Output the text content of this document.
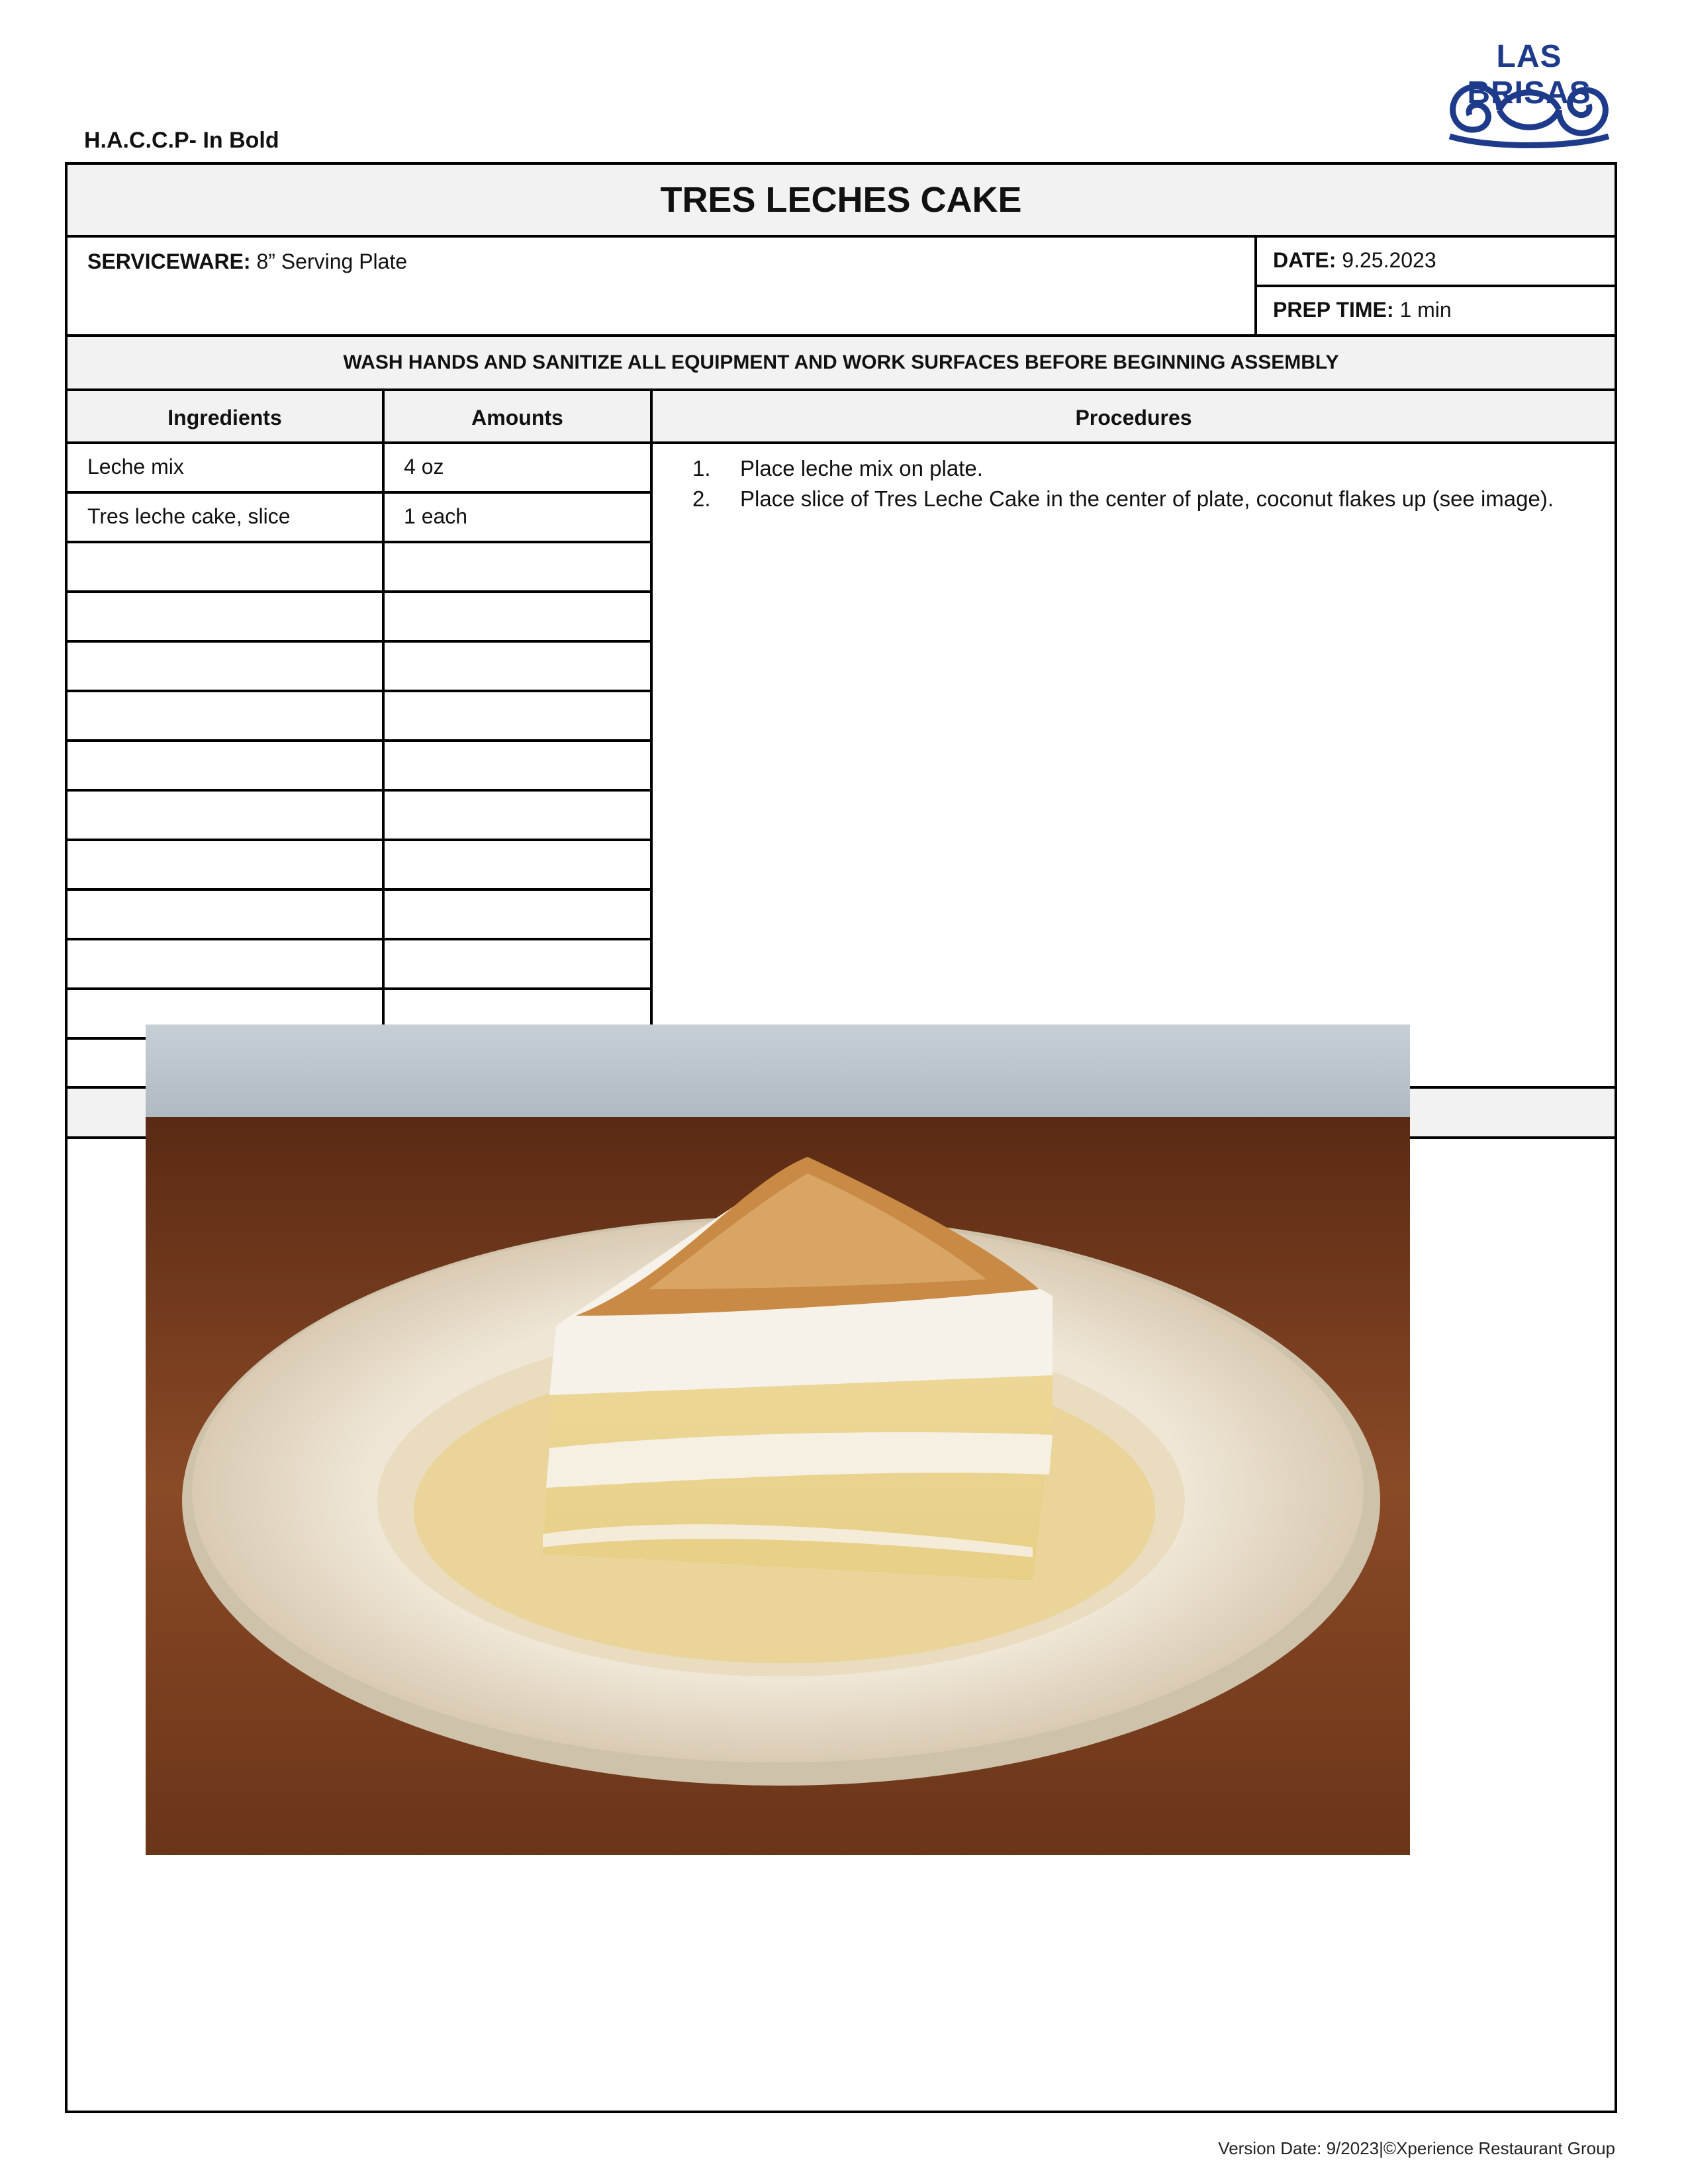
H.A.C.C.P- In Bold
LAS BRISAS
TRES LECHES CAKE
SERVICEWARE: 8” Serving Plate	DATE: 9.25.2023
PREP TIME: 1 min
WASH HANDS AND SANITIZE ALL EQUIPMENT AND WORK SURFACES BEFORE BEGINNING ASSEMBLY
Ingredients	Amounts	Procedures
Leche mix	4 oz
Tres leche cake, slice	1 each
1.	Place leche mix on plate.
2.	Place slice of Tres Leche Cake in the center of plate, coconut flakes up (see image).
Version Date: 9/2023|©Xperience Restaurant Group
